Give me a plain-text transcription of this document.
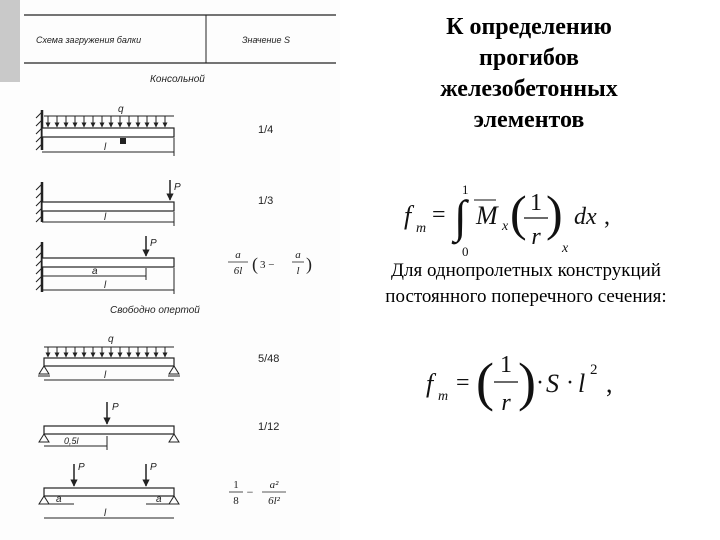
Схема загружения балки	Значение S
Консольной
q
l
1/4
P
l
1/3
P
a
l
a
6l ( 3 −
a
l )
Свободно опертой
q
l
5/48
P
0,5l
1/12
P	P
a	a
l
1
8
− a²
6l²
К определению
прогибов
железобетонных
элементов
f m
= ∫
1
0
M x ( 1
r )
x
dx ,
f m
= ( 1
r ) · S · l 2 ,
Для однопролетных конструкций
постоянного поперечного сечения:
